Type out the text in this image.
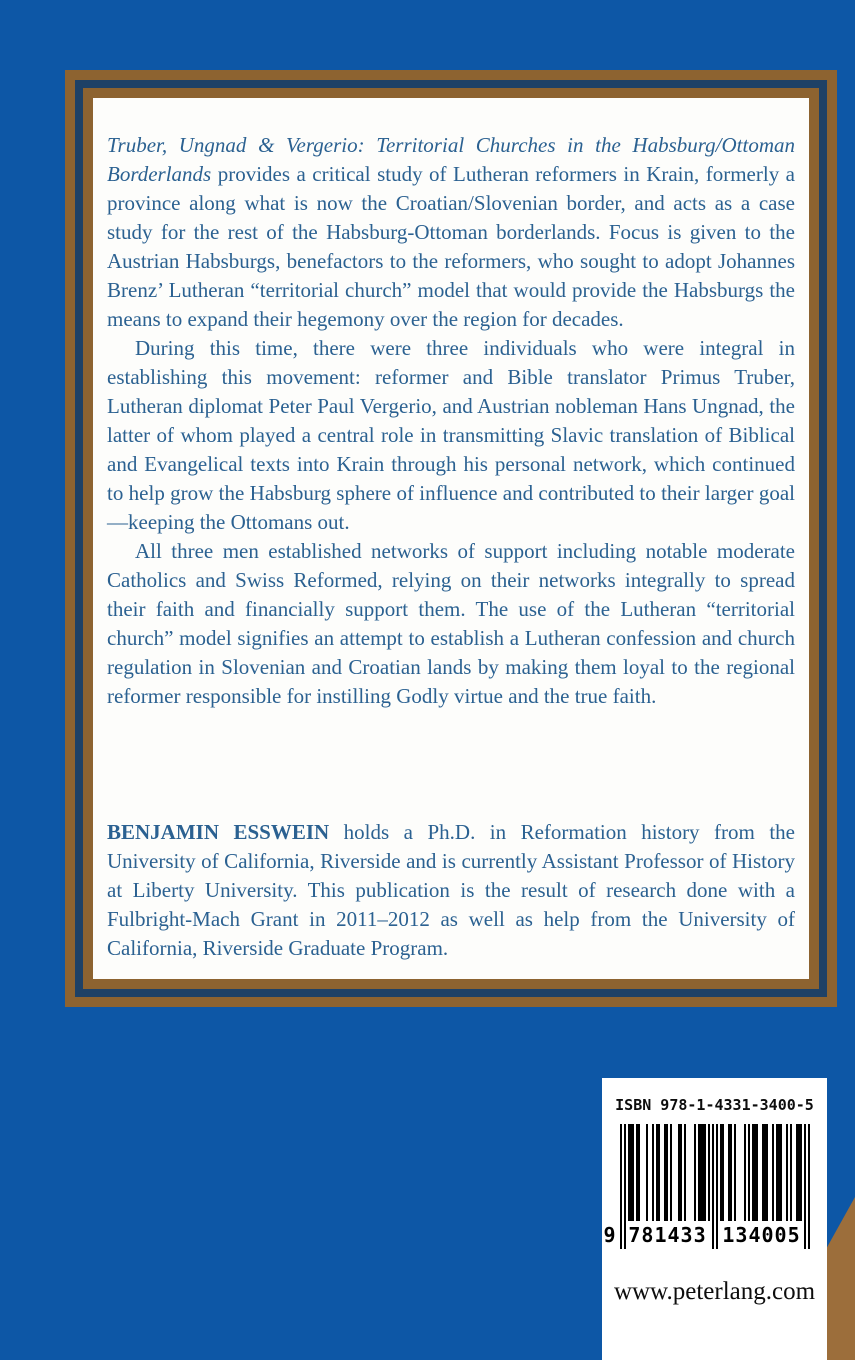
Truber, Ungnad & Vergerio: Territorial Churches in the Habsburg/Ottoman Borderlands provides a critical study of Lutheran reformers in Krain, formerly a province along what is now the Croatian/Slovenian border, and acts as a case study for the rest of the Habsburg-Ottoman borderlands. Focus is given to the Austrian Habsburgs, benefactors to the reformers, who sought to adopt Johannes Brenz’ Lutheran “territorial church” model that would provide the Habsburgs the means to expand their hegemony over the region for decades.

During this time, there were three individuals who were integral in establishing this movement: reformer and Bible translator Primus Truber, Lutheran diplomat Peter Paul Vergerio, and Austrian nobleman Hans Ungnad, the latter of whom played a central role in transmitting Slavic translation of Biblical and Evangelical texts into Krain through his personal network, which continued to help grow the Habsburg sphere of influence and contributed to their larger goal—keeping the Ottomans out.

All three men established networks of support including notable moderate Catholics and Swiss Reformed, relying on their networks integrally to spread their faith and financially support them. The use of the Lutheran “territorial church” model signifies an attempt to establish a Lutheran confession and church regulation in Slovenian and Croatian lands by making them loyal to the regional reformer responsible for instilling Godly virtue and the true faith.

BENJAMIN ESSWEIN holds a Ph.D. in Reformation history from the University of California, Riverside and is currently Assistant Professor of History at Liberty University. This publication is the result of research done with a Fulbright-Mach Grant in 2011–2012 as well as help from the University of California, Riverside Graduate Program.
ISBN 978-1-4331-3400-5
9 781433 134005
www.peterlang.com
